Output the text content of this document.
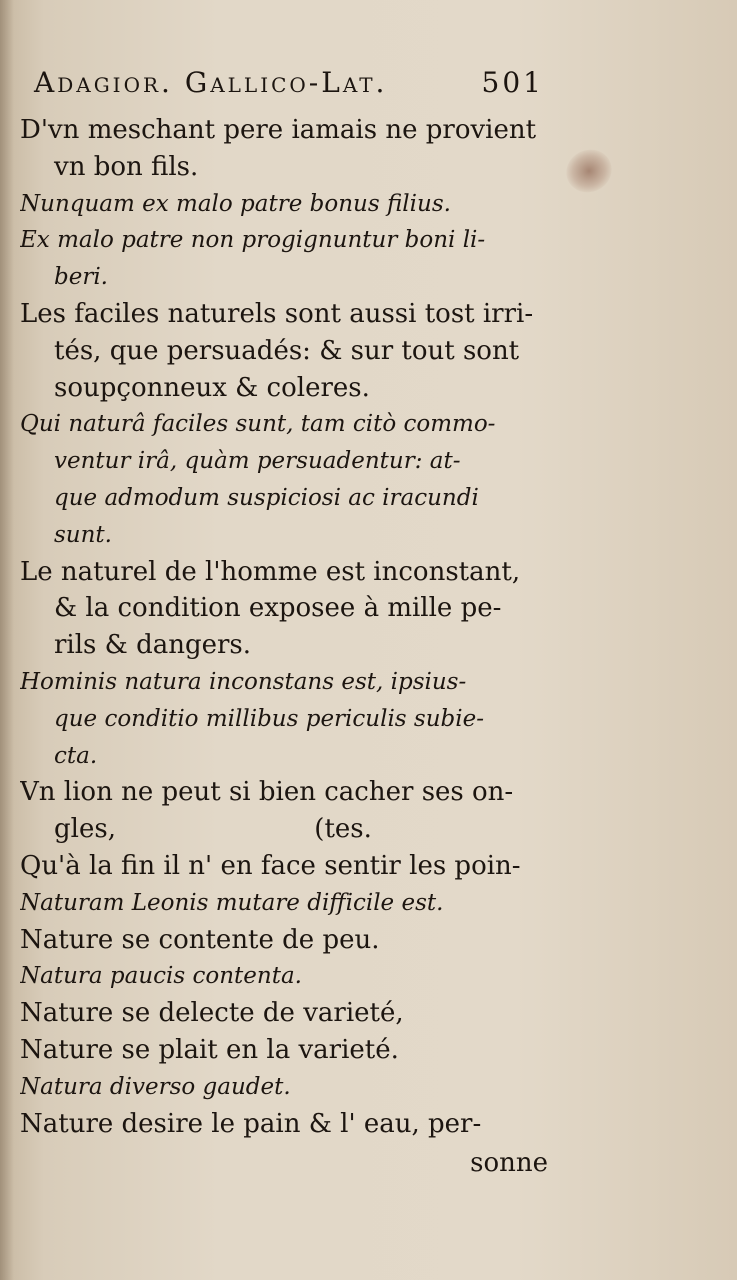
Adagior. Gallico-Lat.	501
D'vn meschant pere iamais ne provient
vn bon fils.
Nunquam ex malo patre bonus filius.
Ex malo patre non progignuntur boni li-
beri.
Les faciles naturels sont aussi tost irri-
tés, que persuadés: & sur tout sont
soupçonneux & coleres.
Qui naturâ faciles sunt, tam citò commo-
ventur irâ, quàm persuadentur: at-
que admodum suspiciosi ac iracundi
sunt.
Le naturel de l'homme est inconstant,
& la condition exposee à mille pe-
rils & dangers.
Hominis natura inconstans est, ipsius-
que conditio millibus periculis subie-
cta.
Vn lion ne peut si bien cacher ses on-
gles,                        (tes.
Qu'à la fin il n' en face sentir les poin-
Naturam Leonis mutare difficile est.
Nature se contente de peu.
Natura paucis contenta.
Nature se delecte de varieté,
Nature se plait en la varieté.
Natura diverso gaudet.
Nature desire le pain & l' eau, per-
sonne
